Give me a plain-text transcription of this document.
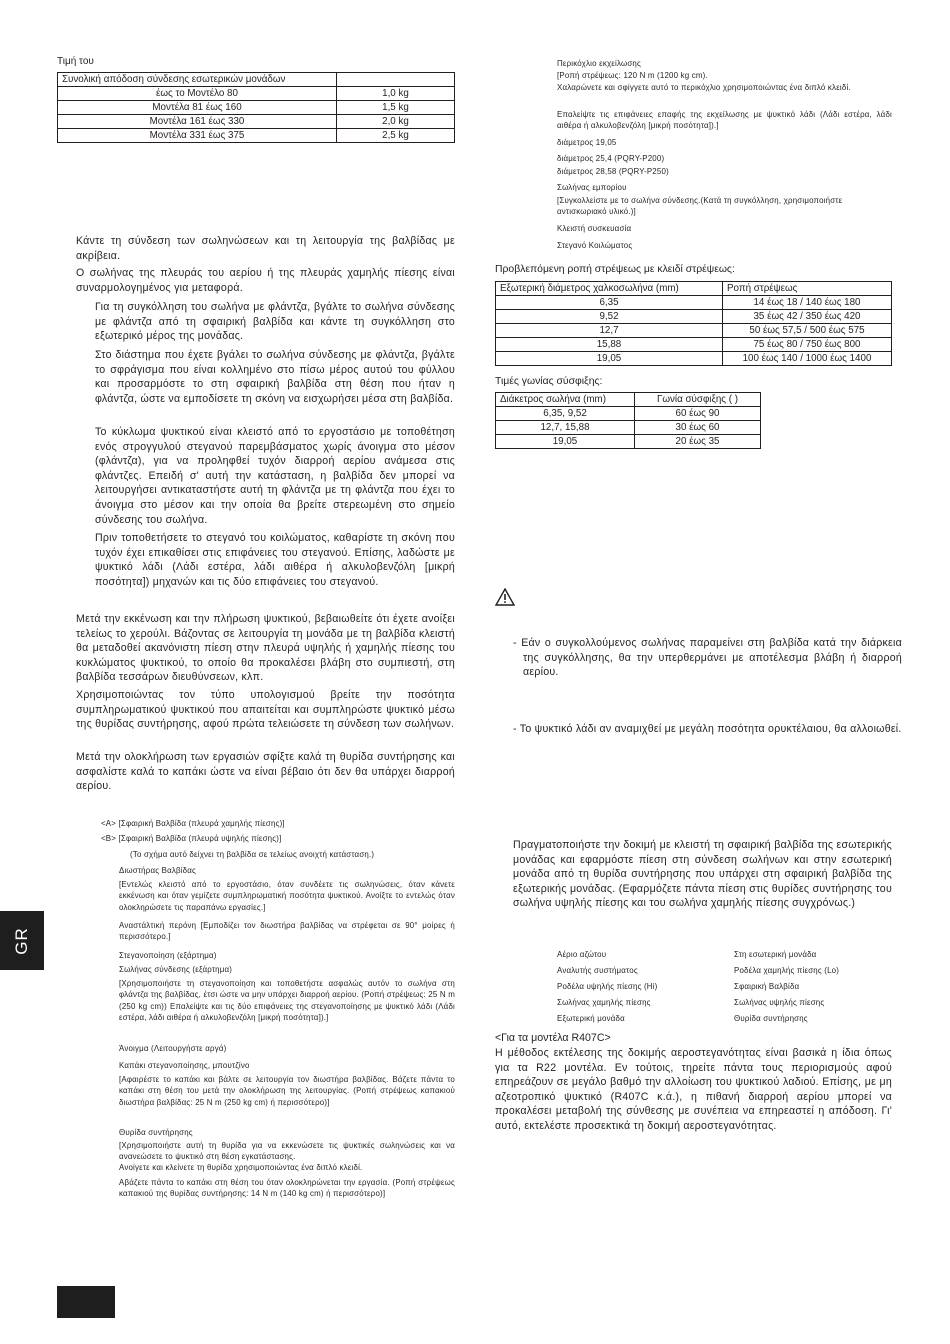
Τιμή του
Συνολική απόδοση σύνδεσης εσωτερικών μονάδων	
έως το Μοντέλο 80	1,0 kg
Μοντέλα 81 έως 160	1,5 kg
Μοντέλα 161 έως 330	2,0 kg
Μοντέλα 331 έως 375	2,5 kg

Κάντε τη σύνδεση των σωληνώσεων και τη λειτουργία της βαλβίδας με ακρίβεια.

Ο σωλήνας της πλευράς του αερίου ή της πλευράς χαμηλής πίεσης είναι συναρμολογημένος για μεταφορά.

Για τη συγκόλληση του σωλήνα με φλάντζα, βγάλτε το σωλήνα σύνδεσης με φλάντζα από τη σφαιρική βαλβίδα και κάντε τη συγκόλληση στο εξωτερικό μέρος της μονάδας.

Στο διάστημα που έχετε βγάλει το σωλήνα σύνδεσης με φλάντζα, βγάλτε το σφράγισμα που είναι κολλημένο στο πίσω μέρος αυτού του φύλλου και προσαρμόστε το στη σφαιρική βαλβίδα στη θέση που ήταν η φλάντζα, ώστε να εμποδίσετε τη σκόνη να εισχωρήσει μέσα στη βαλβίδα.

Το κύκλωμα ψυκτικού είναι κλειστό από το εργοστάσιο με τοποθέτηση ενός στρογγυλού στεγανού παρεμβάσματος χωρίς άνοιγμα στο μέσον (φλάντζα), για να προληφθεί τυχόν διαρροή αερίου ανάμεσα στις φλάντζες. Επειδή σ' αυτή την κατάσταση, η βαλβίδα δεν μπορεί να λειτουργήσει αντικαταστήστε αυτή τη φλάντζα με τη φλάντζα που έχει το άνοιγμα στο μέσον και την οποία θα βρείτε στερεωμένη στο σημείο σύνδεσης του σωλήνα.

Πριν τοποθετήσετε το στεγανό του κοιλώματος, καθαρίστε τη σκόνη που τυχόν έχει επικαθίσει στις επιφάνειες του στεγανού. Επίσης, λαδώστε με ψυκτικό λάδι (Λάδι εστέρα, λάδι αιθέρα ή αλκυλοβενζόλη [μικρή ποσότητα]) μηχανών και τις δύο επιφάνειες του στεγανού.

Μετά την εκκένωση και την πλήρωση ψυκτικού, βεβαιωθείτε ότι έχετε ανοίξει τελείως το χερούλι. Βάζοντας σε λειτουργία τη μονάδα με τη βαλβίδα κλειστή θα μεταδοθεί ακανόνιστη πίεση στην πλευρά υψηλής ή χαμηλής πίεσης του κυκλώματος ψυκτικού, το οποίο θα προκαλέσει βλάβη στο συμπιεστή, στη βαλβίδα τεσσάρων διευθύνσεων, κλπ.

Χρησιμοποιώντας τον τύπο υπολογισμού βρείτε την ποσότητα συμπληρωματικού ψυκτικού που απαιτείται και συμπληρώστε ψυκτικό μέσω της θυρίδας συντήρησης, αφού πρώτα τελειώσετε τη σύνδεση των σωλήνων.

Μετά την ολοκλήρωση των εργασιών σφίξτε καλά τη θυρίδα συντήρησης και ασφαλίστε καλά το καπάκι ώστε να είναι βέβαιο ότι δεν θα υπάρχει διαρροή αερίου.

<A> [Σφαιρική Βαλβίδα (πλευρά χαμηλής πίεσης)]
<B> [Σφαιρική Βαλβίδα (πλευρά υψηλής πίεσης)]
(Το σχήμα αυτό δείχνει τη βαλβίδα σε τελείως ανοιχτή κατάσταση.)
Διωστήρας Βαλβίδας
[Εντελώς κλειστό από το εργοστάσιο, όταν συνδέετε τις σωληνώσεις, όταν κάνετε εκκένωση και όταν γεμίζετε συμπληρωματική ποσότητα ψυκτικού. Ανοίξτε το εντελώς όταν ολοκληρώσετε τις παραπάνω εργασίες.]
Αναστάλτική περόνη [Εμποδίζει τον διωστήρα βαλβίδας να στρέφεται σε 90° μοίρες ή περισσότερο.]
Στεγανοποίηση (εξάρτημα)
Σωλήνας σύνδεσης (εξάρτημα)
[Χρησιμοποιήστε τη στεγανοποίηση και τοποθετήστε ασφαλώς αυτόν το σωλήνα στη φλάντζα της βαλβίδας, έτσι ώστε να μην υπάρχει διαρροή αερίου. (Ροπή στρέψεως: 25 N m (250 kg cm)) Επαλείψτε και τις δύο επιφάνειες της στεγανοποίησης με ψυκτικό λάδι (Λάδι εστέρα, λάδι αιθέρα ή αλκυλοβενζόλη [μικρή ποσότητα]).]
Άνοιγμα (Λειτουργήστε αργά)
Καπάκι στεγανοποίησης, μπουτζίνο
[Αφαιρέστε το καπάκι και βάλτε σε λειτουργία τον διωστήρα βαλβίδας. Βάζετε πάντα το καπάκι στη θέση του μετά την ολοκλήρωση της λειτουργίας. (Ροπή στρέψεως καπακιού διωστήρα βαλβίδας: 25 N m (250 kg cm) ή περισσότερο)]
Θυρίδα συντήρησης
[Χρησιμοποιήστε αυτή τη θυρίδα για να εκκενώσετε τις ψυκτικές σωληνώσεις και να ανανεώσετε το ψυκτικό στη θέση εγκατάστασης.
Ανοίγετε και κλείνετε τη θυρίδα χρησιμοποιώντας ένα διπλό κλειδί.
Αβάζετε πάντα το καπάκι στη θέση του όταν ολοκληρώνεται την εργασία. (Ροπή στρέψεως καπακιού της θυρίδας συντήρησης: 14 N m (140 kg cm) ή περισσότερο)]
Περικόχλιο εκχείλωσης
[Ροπή στρέψεως: 120 N m (1200 kg cm).
Χαλαρώνετε και σφίγγετε αυτό το περικόχλιο χρησιμοποιώντας ένα διπλό κλειδί.
Επαλείψτε τις επιφάνειες επαφής της εκχείλωσης με ψυκτικό λάδι (Λάδι εστέρα, λάδι αιθέρα ή αλκυλοβενζόλη [μικρή ποσότητα]).]
διάμετρος 19,05
διάμετρος 25,4 (PQRY-P200)
διάμετρος 28,58 (PQRY-P250)
Σωλήνας εμπορίου
[Συγκολλείστε με το σωλήνα σύνδεσης.(Κατά τη συγκόλληση, χρησιμοποιήστε αντισκωριακό υλικό.)]
Κλειστή συσκευασία
Στεγανό Κοιλώματος
Προβλεπόμενη ροπή στρέψεως με κλειδί στρέψεως:
Εξωτερική διάμετρος χαλκοσωλήνα (mm)	Ροπή στρέψεως
6,35	14 έως 18 / 140 έως 180
9,52	35 έως 42 / 350 έως 420
12,7	50 έως 57,5 / 500 έως 575
15,88	75 έως 80 / 750 έως 800
19,05	100 έως 140 / 1000 έως 1400
Τιμές γωνίας σύσφιξης:
Διάκετρος σωλήνα (mm)	Γωνία σύσφιξης ( )
6,35, 9,52	60 έως 90
12,7, 15,88	30 έως 60
19,05	20 έως 35

- Εάν ο συγκολλούμενος σωλήνας παραμείνει στη βαλβίδα κατά την διάρκεια της συγκόλλησης, θα την υπερθερμάνει με αποτέλεσμα βλάβη ή διαρροή αερίου.

- Το ψυκτικό λάδι αν αναμιχθεί με μεγάλη ποσότητα ορυκτέλαιου, θα αλλοιωθεί.

Πραγματοποιήστε την δοκιμή με κλειστή τη σφαιρική βαλβίδα της εσωτερικής μονάδας και εφαρμόστε πίεση στη σύνδεση σωλήνων και στην εσωτερική μονάδα από τη θυρίδα συντήρησης που υπάρχει στη σφαιρική βαλβίδα της εξωτερικής μονάδας. (Εφαρμόζετε πάντα πίεση στις θυρίδες συντήρησης του σωλήνα υψηλής πίεσης και του σωλήνα χαμηλής πίεσης συγχρόνως.)

Αέριο αζώτου
Αναλυτής συστήματος
Ροδέλα υψηλής πίεσης (Hi)
Σωλήνας χαμηλής πίεσης
Εξωτερική μονάδα
Στη εσωτερική μονάδα
Ροδέλα χαμηλής πίεσης (Lo)
Σφαιρική Βαλβίδα
Σωλήνας υψηλής πίεσης
Θυρίδα συντήρησης
<Για τα μοντέλα R407C>

Η μέθοδος εκτέλεσης της δοκιμής αεροστεγανότητας είναι βασικά η ίδια όπως για τα R22 μοντέλα. Εν τούτοις, τηρείτε πάντα τους περιορισμούς αφού επηρεάζουν σε μεγάλο βαθμό την αλλοίωση του ψυκτικού λαδιού. Επίσης, με μη αζεοτροπικό ψυκτικό (R407C κ.ά.), η πιθανή διαρροή αερίου μπορεί να προκαλέσει μεταβολή της σύνθεσης με συνέπεια να επηρεαστεί η απόδοση. Γι' αυτό, εκτελέστε προσεκτικά τη δοκιμή αεροστεγανότητας.

GR
